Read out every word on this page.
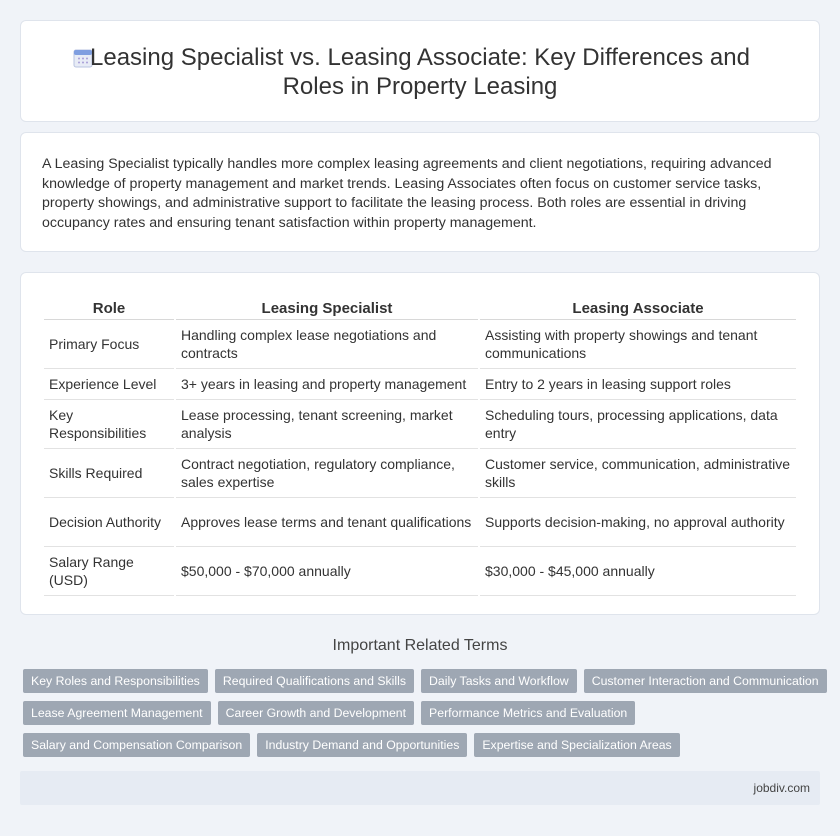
Leasing Specialist vs. Leasing Associate: Key Differences and Roles in Property Leasing

A Leasing Specialist typically handles more complex leasing agreements and client negotiations, requiring advanced knowledge of property management and market trends. Leasing Associates often focus on customer service tasks, property showings, and administrative support to facilitate the leasing process. Both roles are essential in driving occupancy rates and ensuring tenant satisfaction within property management.

Role	Leasing Specialist	Leasing Associate
Primary Focus	Handling complex lease negotiations and contracts	Assisting with property showings and tenant communications
Experience Level	3+ years in leasing and property management	Entry to 2 years in leasing support roles
Key Responsibilities	Lease processing, tenant screening, market analysis	Scheduling tours, processing applications, data entry
Skills Required	Contract negotiation, regulatory compliance, sales expertise	Customer service, communication, administrative skills
Decision Authority	Approves lease terms and tenant qualifications	Supports decision-making, no approval authority
Salary Range (USD)	$50,000 - $70,000 annually	$30,000 - $45,000 annually
Important Related Terms
Key Roles and Responsibilities	Required Qualifications and Skills	Daily Tasks and Workflow	Customer Interaction and Communication
Lease Agreement Management	Career Growth and Development	Performance Metrics and Evaluation
Salary and Compensation Comparison	Industry Demand and Opportunities	Expertise and Specialization Areas
jobdiv.com
